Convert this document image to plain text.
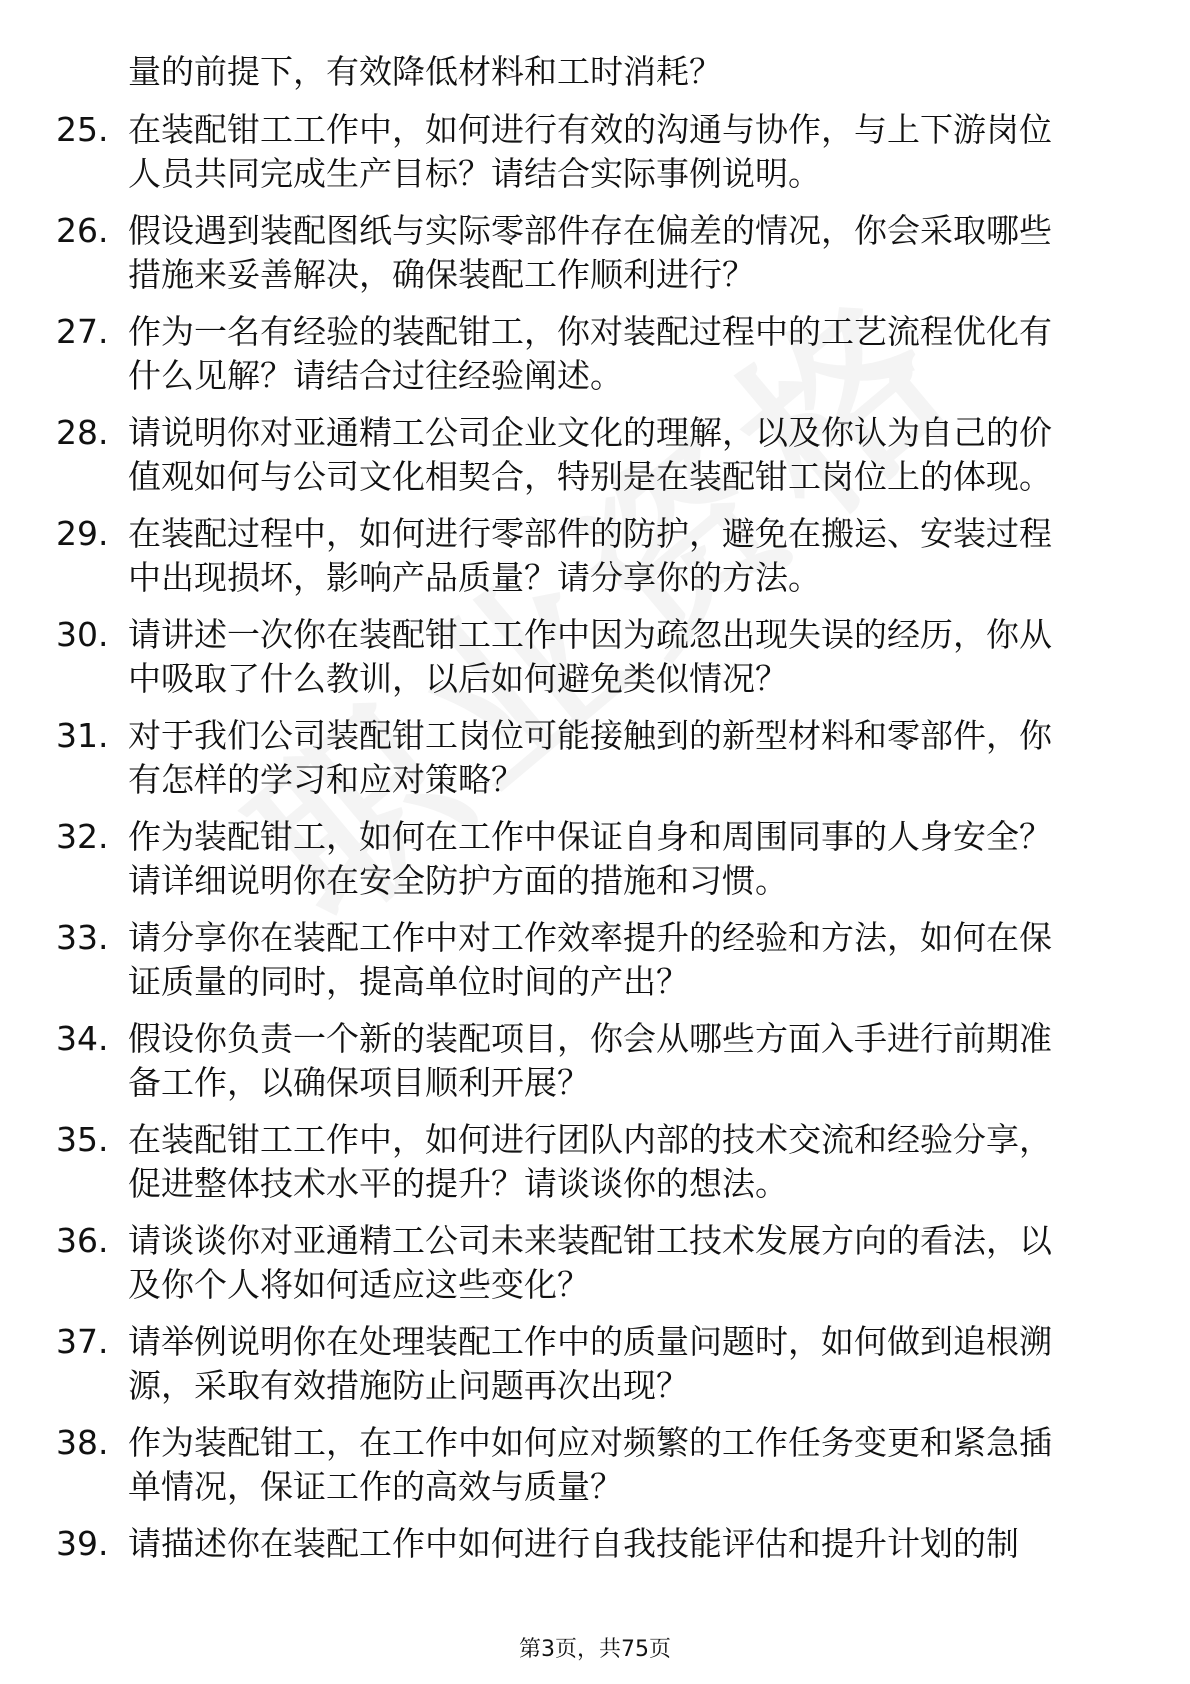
量的前提下，有效降低材料和工时消耗？
25. 在装配钳工工作中，如何进行有效的沟通与协作，与上下游岗位
人员共同完成生产目标？请结合实际事例说明。
26. 假设遇到装配图纸与实际零部件存在偏差的情况，你会采取哪些
措施来妥善解决，确保装配工作顺利进行？
27. 作为一名有经验的装配钳工，你对装配过程中的工艺流程优化有
什么见解？请结合过往经验阐述。
28. 请说明你对亚通精工公司企业文化的理解，以及你认为自己的价
值观如何与公司文化相契合，特别是在装配钳工岗位上的体现。
29. 在装配过程中，如何进行零部件的防护，避免在搬运、安装过程
中出现损坏，影响产品质量？请分享你的方法。
30. 请讲述一次你在装配钳工工作中因为疏忽出现失误的经历，你从
中吸取了什么教训，以后如何避免类似情况？
31. 对于我们公司装配钳工岗位可能接触到的新型材料和零部件，你
有怎样的学习和应对策略？
32. 作为装配钳工，如何在工作中保证自身和周围同事的人身安全？
请详细说明你在安全防护方面的措施和习惯。
33. 请分享你在装配工作中对工作效率提升的经验和方法，如何在保
证质量的同时，提高单位时间的产出？
34. 假设你负责一个新的装配项目，你会从哪些方面入手进行前期准
备工作，以确保项目顺利开展？
35. 在装配钳工工作中，如何进行团队内部的技术交流和经验分享，
促进整体技术水平的提升？请谈谈你的想法。
36. 请谈谈你对亚通精工公司未来装配钳工技术发展方向的看法，以
及你个人将如何适应这些变化？
37. 请举例说明你在处理装配工作中的质量问题时，如何做到追根溯
源，采取有效措施防止问题再次出现？
38. 作为装配钳工，在工作中如何应对频繁的工作任务变更和紧急插
单情况，保证工作的高效与质量？
39. 请描述你在装配工作中如何进行自我技能评估和提升计划的制
第3页，共75页
